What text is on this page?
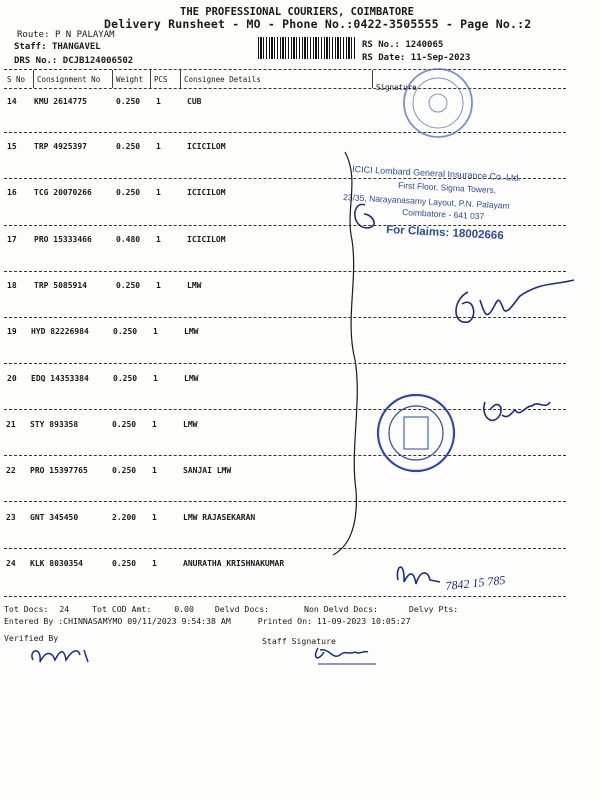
THE PROFESSIONAL COURIERS, COIMBATORE
Delivery Runsheet - MO - Phone No.:0422-3505555 - Page No.:2
Route: P N PALAYAM
Staff: THANGAVEL
DRS No.: DCJB124006502
RS No.: 1240065
RS Date: 11-Sep-2023
S No Consignment No Weight PCS Consignee Details
Signature
14 KMU 2614775	0.250 1	CUB
15 TRP 4925397	0.250 1	ICICILOM
16 TCG 20070266	0.250 1	ICICILOM
17 PRO 15333466	0.480 1	ICICILOM
18 TRP 5085914	0.250 1	LMW
19 HYD 82226984	0.250 1	LMW
20 EDQ 14353384	0.250 1	LMW
21 STY 893358	0.250 1	LMW
22 PRO 15397765	0.250 1	SANJAI LMW
23 GNT 345450	2.200 1	LMW RAJASEKARAN
24 KLK 8030354	0.250 1	ANURATHA KRISHNAKUMAR
ICICI Lombard General Insurance Co. Ltd.
First Floor, Sigma Towers,
23/35, Narayanasamy Layout, P.N. Palayam
Coimbatore - 641 037
For Claims: 18002666
7842 15 785
Tot Docs: 24	Tot COD Amt:	0.00	Delvd Docs:	Non Delvd Docs:	Delvy Pts:
Entered By :CHINNASAMYMO 09/11/2023 9:54:38 AM	Printed On: 11-09-2023 10:05:27
Verified By	Staff Signature
